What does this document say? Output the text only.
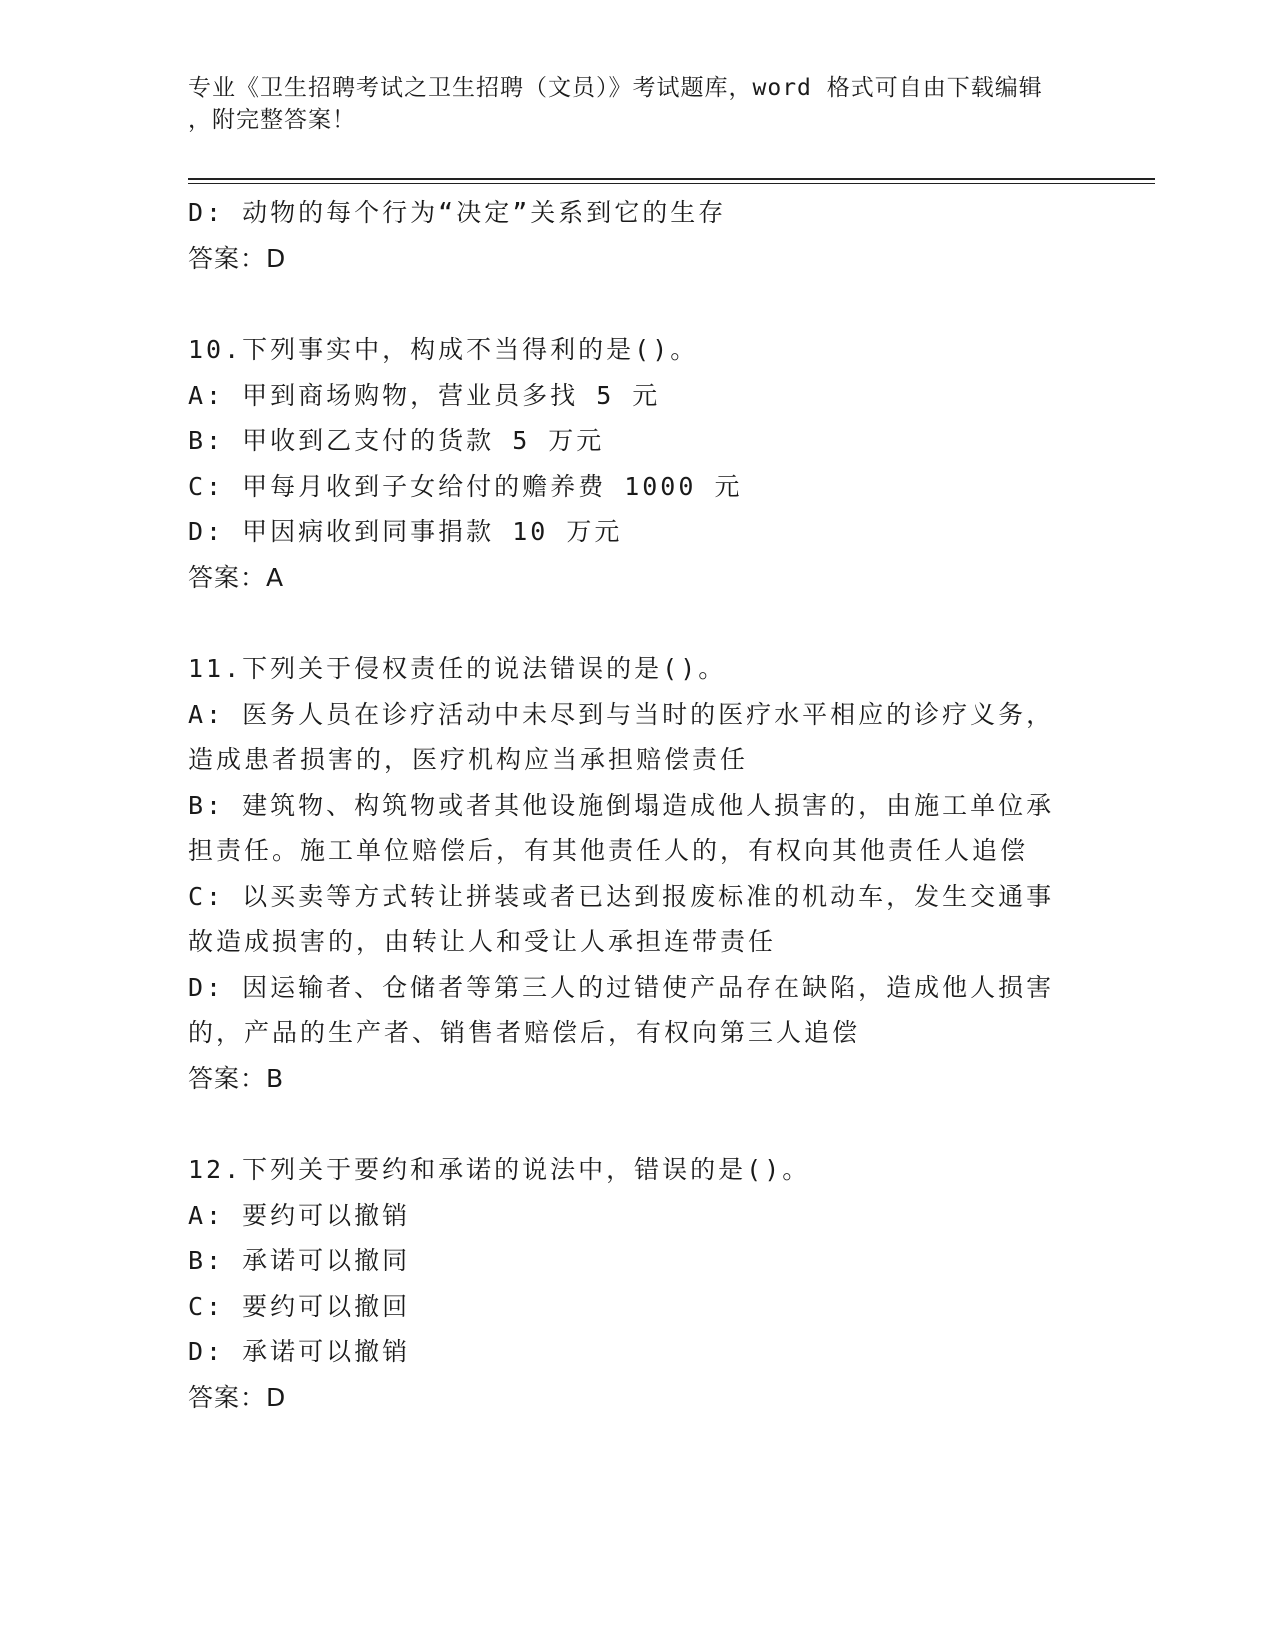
专业《卫生招聘考试之卫生招聘（文员）》考试题库，word 格式可自由下载编辑
，附完整答案！
D: 动物的每个行为“决定”关系到它的生存
答案：D
10.下列事实中，构成不当得利的是()。
A: 甲到商场购物，营业员多找 5 元
B: 甲收到乙支付的货款 5 万元
C: 甲每月收到子女给付的赡养费 1000 元
D: 甲因病收到同事捐款 10 万元
答案：A
11.下列关于侵权责任的说法错误的是()。
A: 医务人员在诊疗活动中未尽到与当时的医疗水平相应的诊疗义务，
造成患者损害的，医疗机构应当承担赔偿责任
B: 建筑物、构筑物或者其他设施倒塌造成他人损害的，由施工单位承
担责任。施工单位赔偿后，有其他责任人的，有权向其他责任人追偿
C: 以买卖等方式转让拼装或者已达到报废标准的机动车，发生交通事
故造成损害的，由转让人和受让人承担连带责任
D: 因运输者、仓储者等第三人的过错使产品存在缺陷，造成他人损害
的，产品的生产者、销售者赔偿后，有权向第三人追偿
答案：B
12.下列关于要约和承诺的说法中，错误的是()。
A: 要约可以撤销
B: 承诺可以撤同
C: 要约可以撤回
D: 承诺可以撤销
答案：D
